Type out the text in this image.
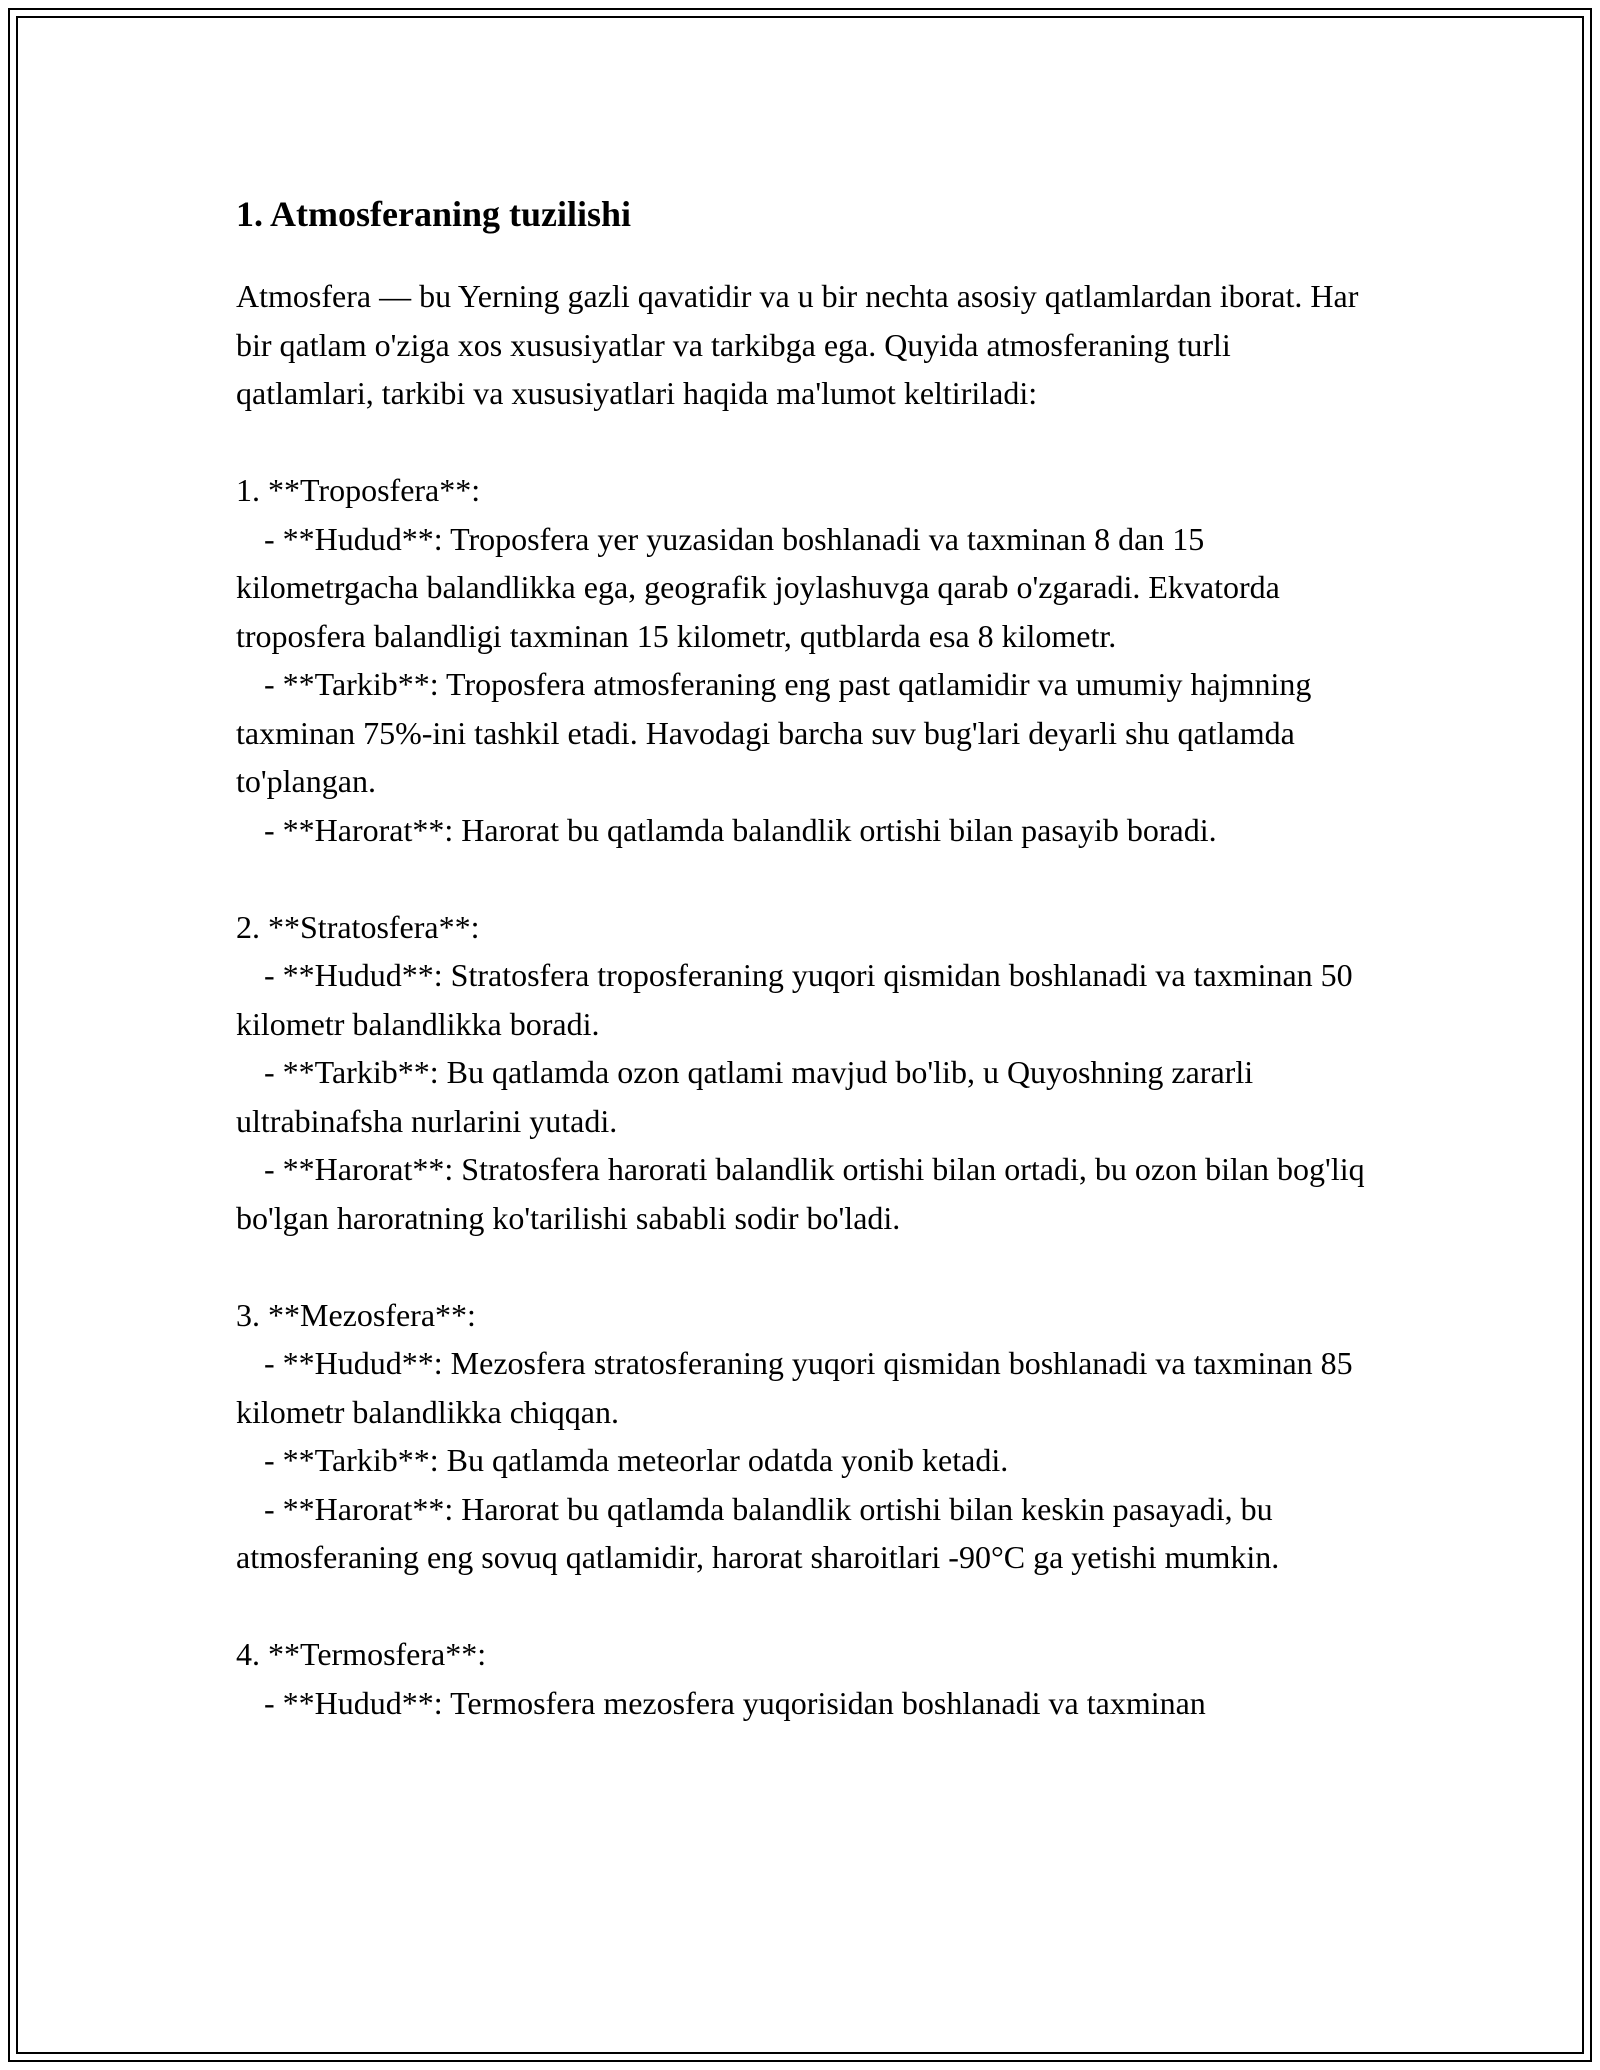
1. Atmosferaning tuzilishi

Atmosfera — bu Yerning gazli qavatidir va u bir nechta asosiy qatlamlardan iborat. Har bir qatlam o'ziga xos xususiyatlar va tarkibga ega. Quyida atmosferaning turli qatlamlari, tarkibi va xususiyatlari haqida ma'lumot keltiriladi:

1. **Troposfera**:

- **Hudud**: Troposfera yer yuzasidan boshlanadi va taxminan 8 dan 15 kilometrgacha balandlikka ega, geografik joylashuvga qarab o'zgaradi. Ekvatorda troposfera balandligi taxminan 15 kilometr, qutblarda esa 8 kilometr.

- **Tarkib**: Troposfera atmosferaning eng past qatlamidir va umumiy hajmning taxminan 75%-ini tashkil etadi. Havodagi barcha suv bug'lari deyarli shu qatlamda to'plangan.

- **Harorat**: Harorat bu qatlamda balandlik ortishi bilan pasayib boradi.

2. **Stratosfera**:

- **Hudud**: Stratosfera troposferaning yuqori qismidan boshlanadi va taxminan 50 kilometr balandlikka boradi.

- **Tarkib**: Bu qatlamda ozon qatlami mavjud bo'lib, u Quyoshning zararli ultrabinafsha nurlarini yutadi.

- **Harorat**: Stratosfera harorati balandlik ortishi bilan ortadi, bu ozon bilan bog'liq bo'lgan haroratning ko'tarilishi sababli sodir bo'ladi.

3. **Mezosfera**:

- **Hudud**: Mezosfera stratosferaning yuqori qismidan boshlanadi va taxminan 85 kilometr balandlikka chiqqan.

- **Tarkib**: Bu qatlamda meteorlar odatda yonib ketadi.

- **Harorat**: Harorat bu qatlamda balandlik ortishi bilan keskin pasayadi, bu atmosferaning eng sovuq qatlamidir, harorat sharoitlari -90°C ga yetishi mumkin.

4. **Termosfera**:

- **Hudud**: Termosfera mezosfera yuqorisidan boshlanadi va taxminan
